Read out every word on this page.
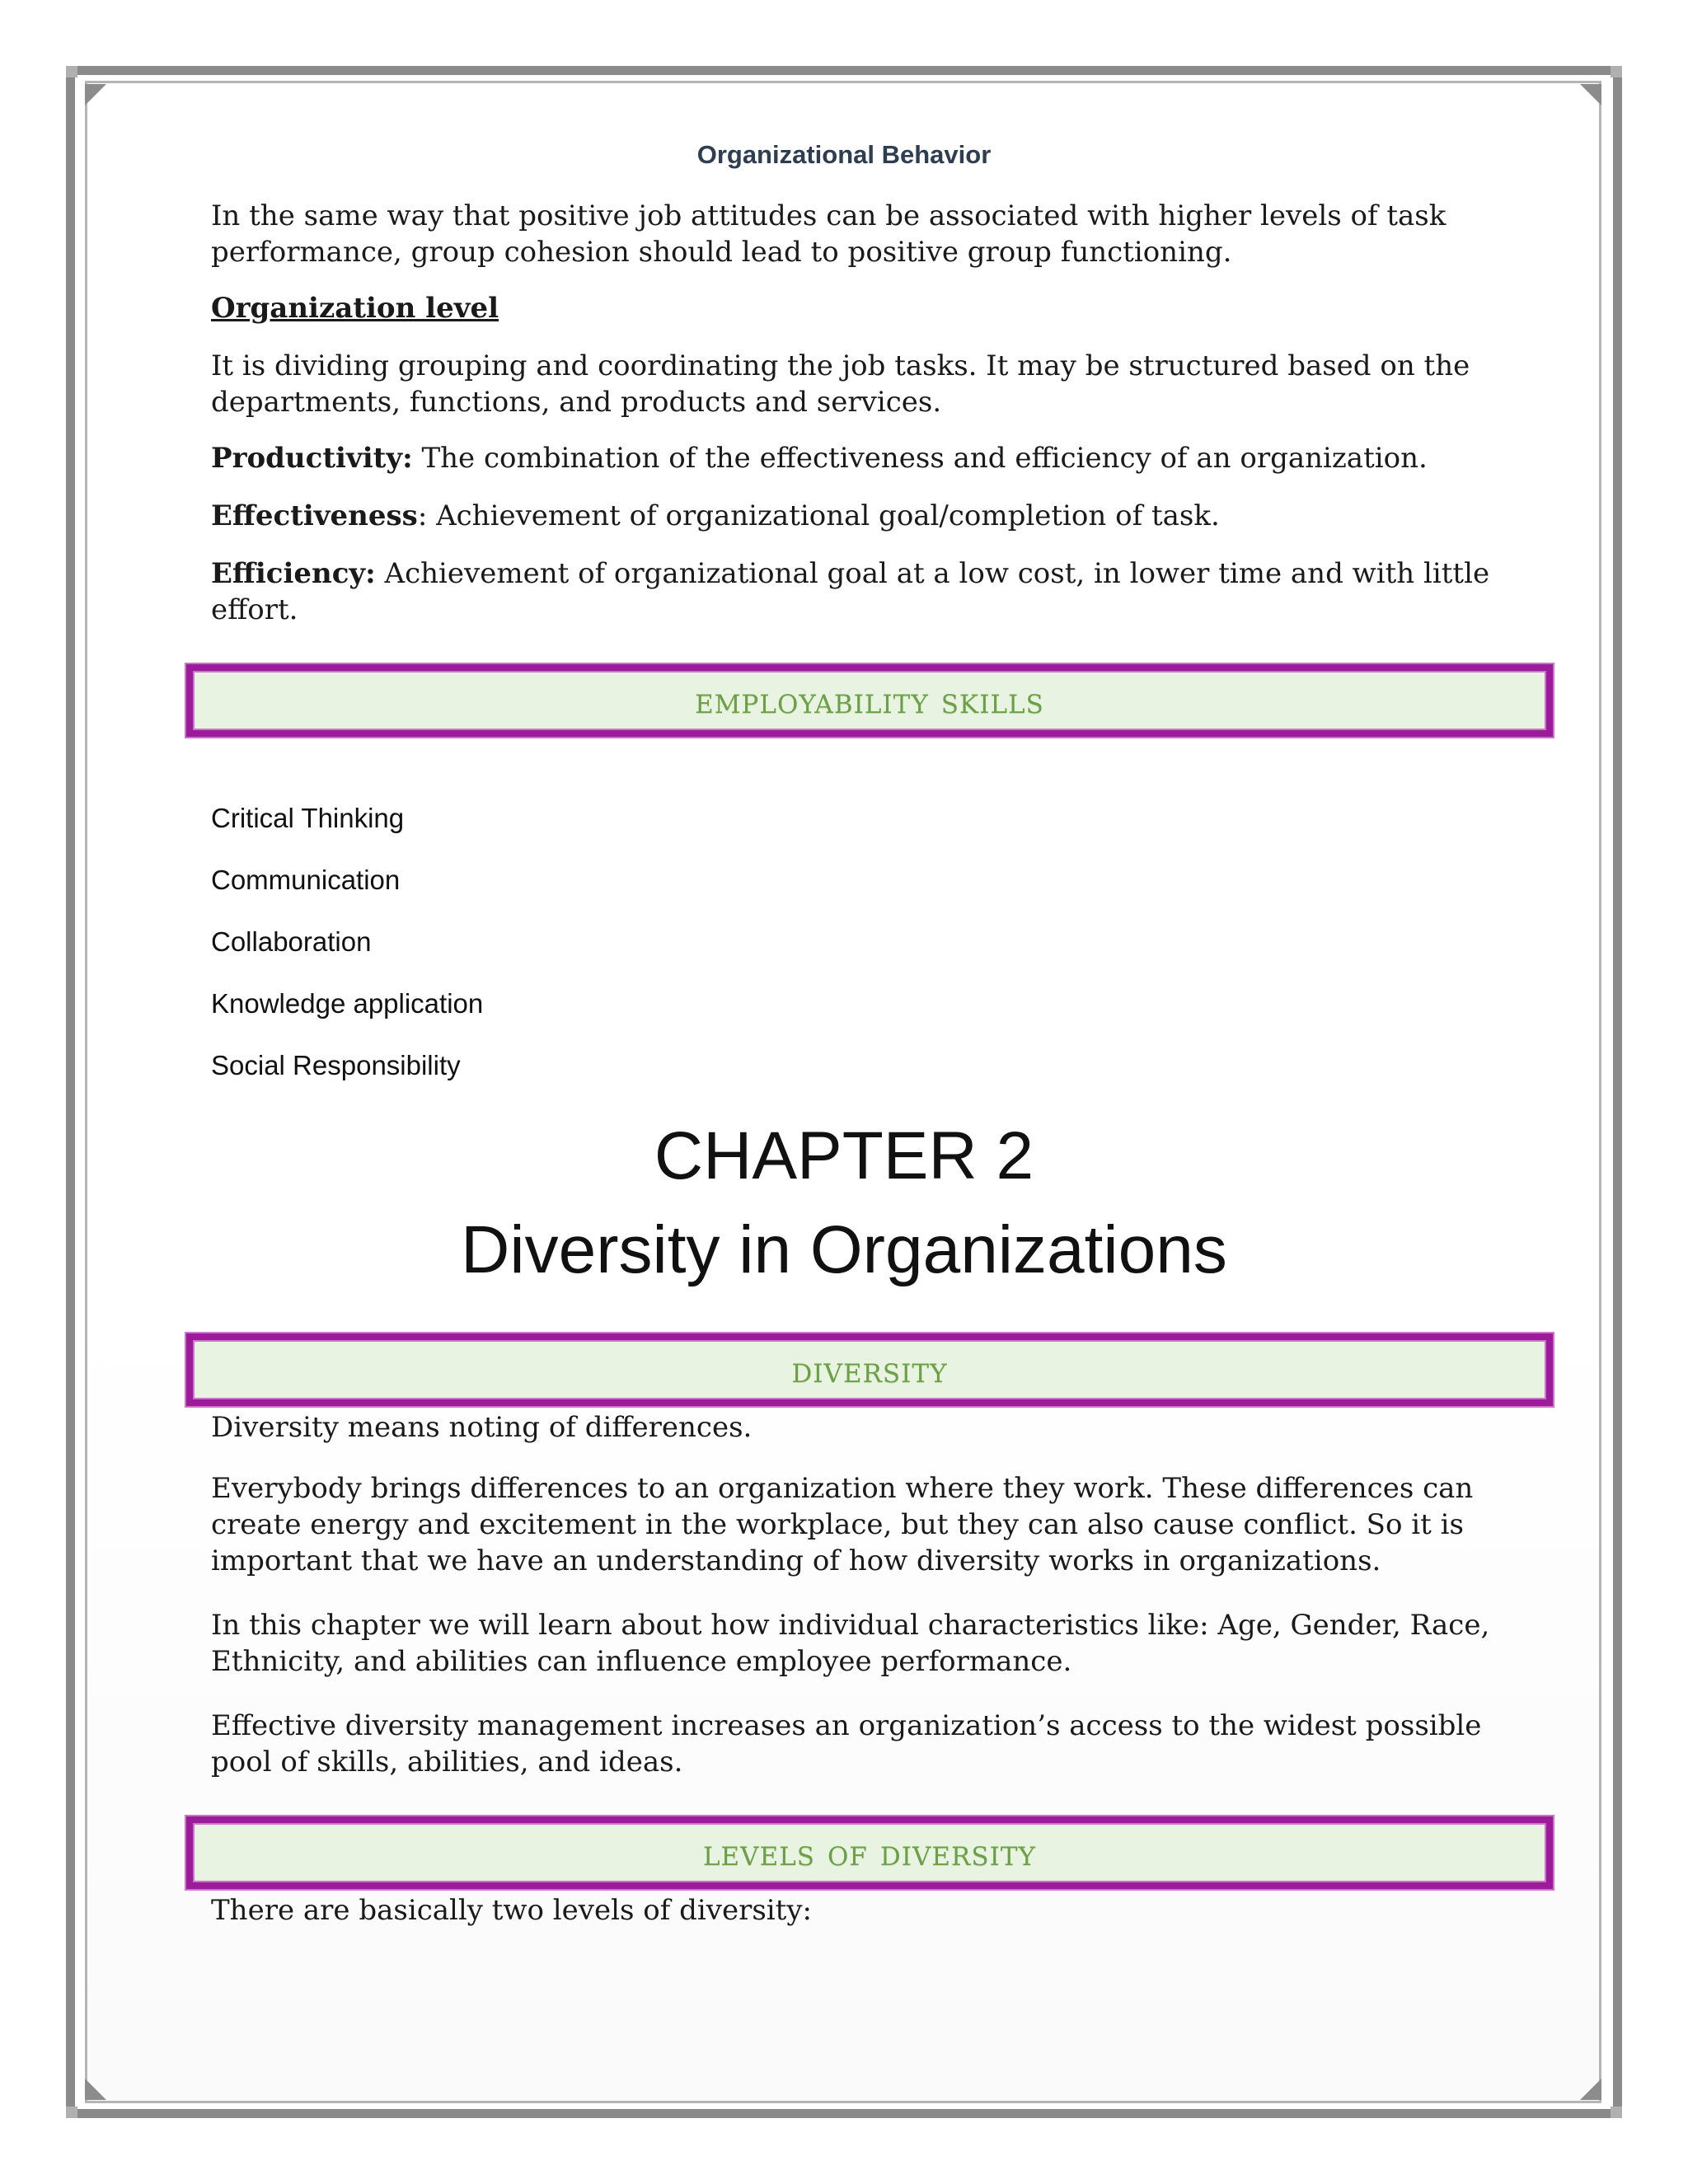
Organizational Behavior
In the same way that positive job attitudes can be associated with higher levels of task performance, group cohesion should lead to positive group functioning.
Organization level
It is dividing grouping and coordinating the job tasks. It may be structured based on the departments, functions, and products and services.
Productivity: The combination of the effectiveness and efficiency of an organization.
Effectiveness: Achievement of organizational goal/completion of task.
Efficiency: Achievement of organizational goal at a low cost, in lower time and with little effort.
employability skills
Critical Thinking
Communication
Collaboration
Knowledge application
Social Responsibility
CHAPTER 2
Diversity in Organizations
diversity
Diversity means noting of differences.
Everybody brings differences to an organization where they work. These differences can create energy and excitement in the workplace, but they can also cause conflict. So it is important that we have an understanding of how diversity works in organizations.
In this chapter we will learn about how individual characteristics like: Age, Gender, Race, Ethnicity, and abilities can influence employee performance.
Effective diversity management increases an organization’s access to the widest possible pool of skills, abilities, and ideas.
levels of diversity
There are basically two levels of diversity:
